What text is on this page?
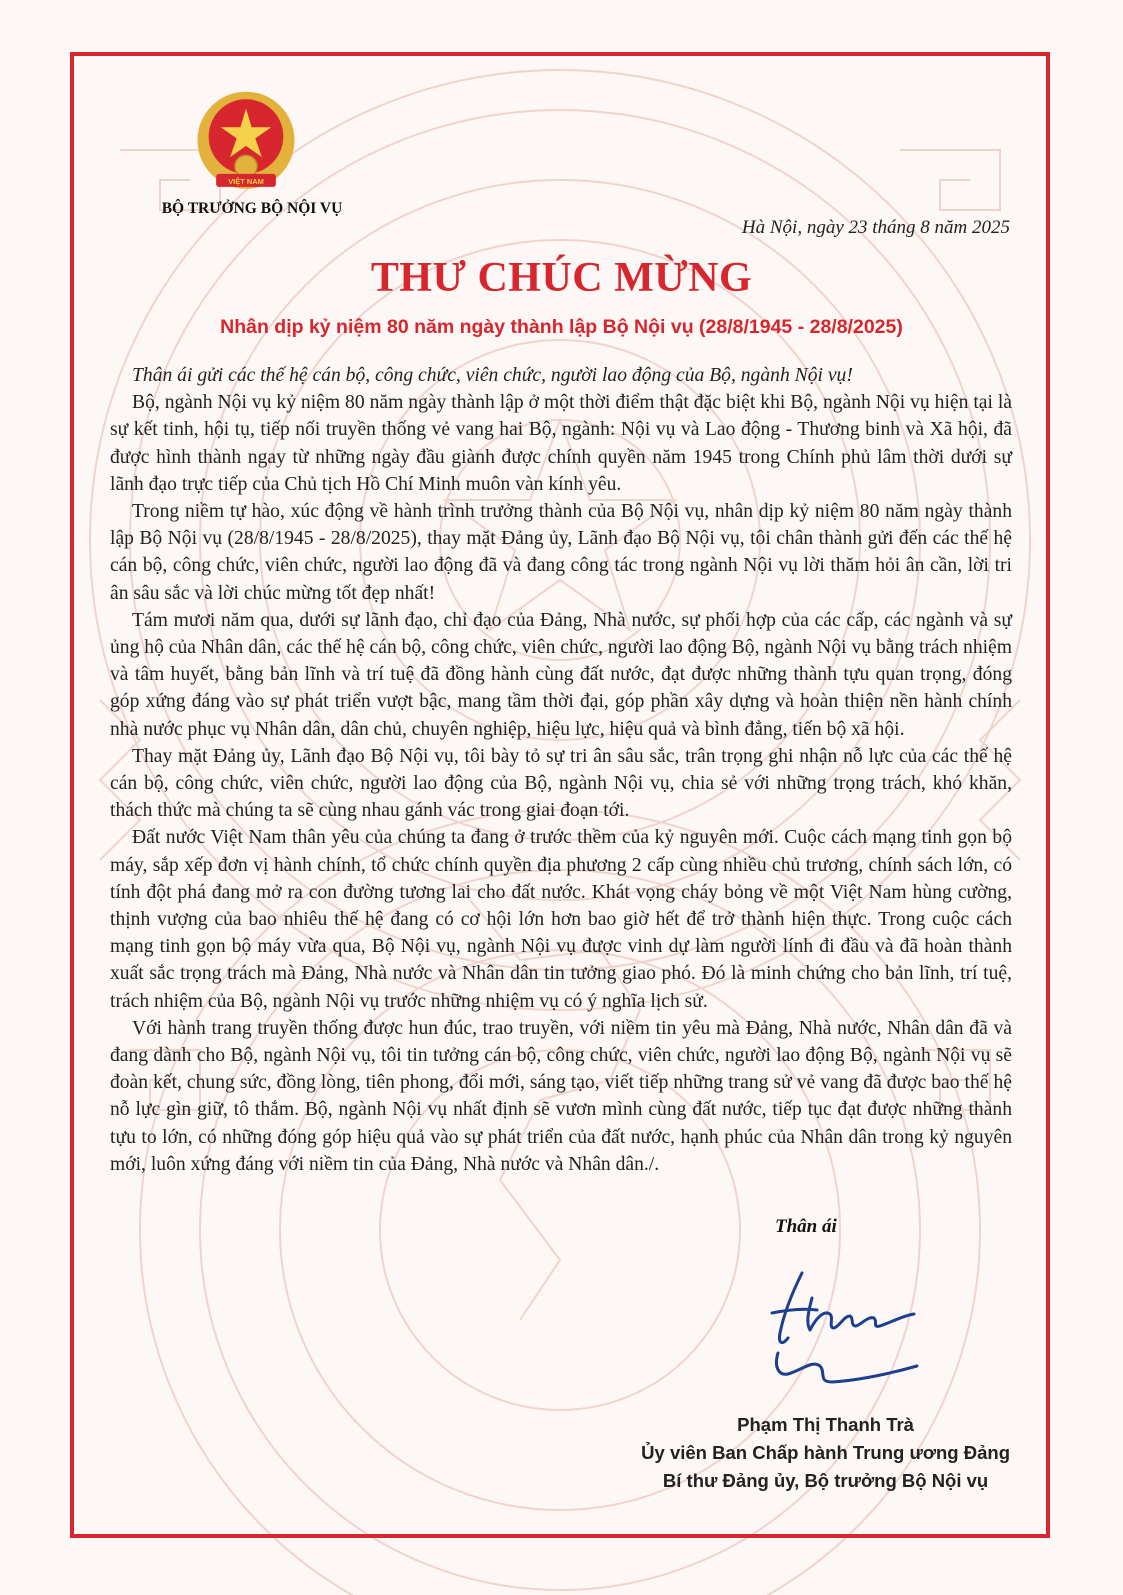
VIỆT NAM
BỘ TRƯỞNG BỘ NỘI VỤ
Hà Nội, ngày 23 tháng 8 năm 2025
THƯ CHÚC MỪNG
Nhân dịp kỷ niệm 80 năm ngày thành lập Bộ Nội vụ (28/8/1945 - 28/8/2025)

Thân ái gửi các thế hệ cán bộ, công chức, viên chức, người lao động của Bộ, ngành Nội vụ!

Bộ, ngành Nội vụ kỷ niệm 80 năm ngày thành lập ở một thời điểm thật đặc biệt khi Bộ, ngành Nội vụ hiện tại là sự kết tinh, hội tụ, tiếp nối truyền thống vẻ vang hai Bộ, ngành: Nội vụ và Lao động - Thương binh và Xã hội, đã được hình thành ngay từ những ngày đầu giành được chính quyền năm 1945 trong Chính phủ lâm thời dưới sự lãnh đạo trực tiếp của Chủ tịch Hồ Chí Minh muôn vàn kính yêu.

Trong niềm tự hào, xúc động về hành trình trưởng thành của Bộ Nội vụ, nhân dịp kỷ niệm 80 năm ngày thành lập Bộ Nội vụ (28/8/1945 - 28/8/2025), thay mặt Đảng ủy, Lãnh đạo Bộ Nội vụ, tôi chân thành gửi đến các thế hệ cán bộ, công chức, viên chức, người lao động đã và đang công tác trong ngành Nội vụ lời thăm hỏi ân cần, lời tri ân sâu sắc và lời chúc mừng tốt đẹp nhất!

Tám mươi năm qua, dưới sự lãnh đạo, chỉ đạo của Đảng, Nhà nước, sự phối hợp của các cấp, các ngành và sự ủng hộ của Nhân dân, các thế hệ cán bộ, công chức, viên chức, người lao động Bộ, ngành Nội vụ bằng trách nhiệm và tâm huyết, bằng bản lĩnh và trí tuệ đã đồng hành cùng đất nước, đạt được những thành tựu quan trọng, đóng góp xứng đáng vào sự phát triển vượt bậc, mang tầm thời đại, góp phần xây dựng và hoàn thiện nền hành chính nhà nước phục vụ Nhân dân, dân chủ, chuyên nghiệp, hiệu lực, hiệu quả và bình đẳng, tiến bộ xã hội.

Thay mặt Đảng ủy, Lãnh đạo Bộ Nội vụ, tôi bày tỏ sự tri ân sâu sắc, trân trọng ghi nhận nỗ lực của các thế hệ cán bộ, công chức, viên chức, người lao động của Bộ, ngành Nội vụ, chia sẻ với những trọng trách, khó khăn, thách thức mà chúng ta sẽ cùng nhau gánh vác trong giai đoạn tới.

Đất nước Việt Nam thân yêu của chúng ta đang ở trước thềm của kỷ nguyên mới. Cuộc cách mạng tinh gọn bộ máy, sắp xếp đơn vị hành chính, tổ chức chính quyền địa phương 2 cấp cùng nhiều chủ trương, chính sách lớn, có tính đột phá đang mở ra con đường tương lai cho đất nước. Khát vọng cháy bỏng về một Việt Nam hùng cường, thịnh vượng của bao nhiêu thế hệ đang có cơ hội lớn hơn bao giờ hết để trở thành hiện thực. Trong cuộc cách mạng tinh gọn bộ máy vừa qua, Bộ Nội vụ, ngành Nội vụ được vinh dự làm người lính đi đầu và đã hoàn thành xuất sắc trọng trách mà Đảng, Nhà nước và Nhân dân tin tưởng giao phó. Đó là minh chứng cho bản lĩnh, trí tuệ, trách nhiệm của Bộ, ngành Nội vụ trước những nhiệm vụ có ý nghĩa lịch sử.

Với hành trang truyền thống được hun đúc, trao truyền, với niềm tin yêu mà Đảng, Nhà nước, Nhân dân đã và đang dành cho Bộ, ngành Nội vụ, tôi tin tưởng cán bộ, công chức, viên chức, người lao động Bộ, ngành Nội vụ sẽ đoàn kết, chung sức, đồng lòng, tiên phong, đổi mới, sáng tạo, viết tiếp những trang sử vẻ vang đã được bao thế hệ nỗ lực gìn giữ, tô thắm. Bộ, ngành Nội vụ nhất định sẽ vươn mình cùng đất nước, tiếp tục đạt được những thành tựu to lớn, có những đóng góp hiệu quả vào sự phát triển của đất nước, hạnh phúc của Nhân dân trong kỷ nguyên mới, luôn xứng đáng với niềm tin của Đảng, Nhà nước và Nhân dân./.

Thân ái
Phạm Thị Thanh Trà
Ủy viên Ban Chấp hành Trung ương Đảng
Bí thư Đảng ủy, Bộ trưởng Bộ Nội vụ
